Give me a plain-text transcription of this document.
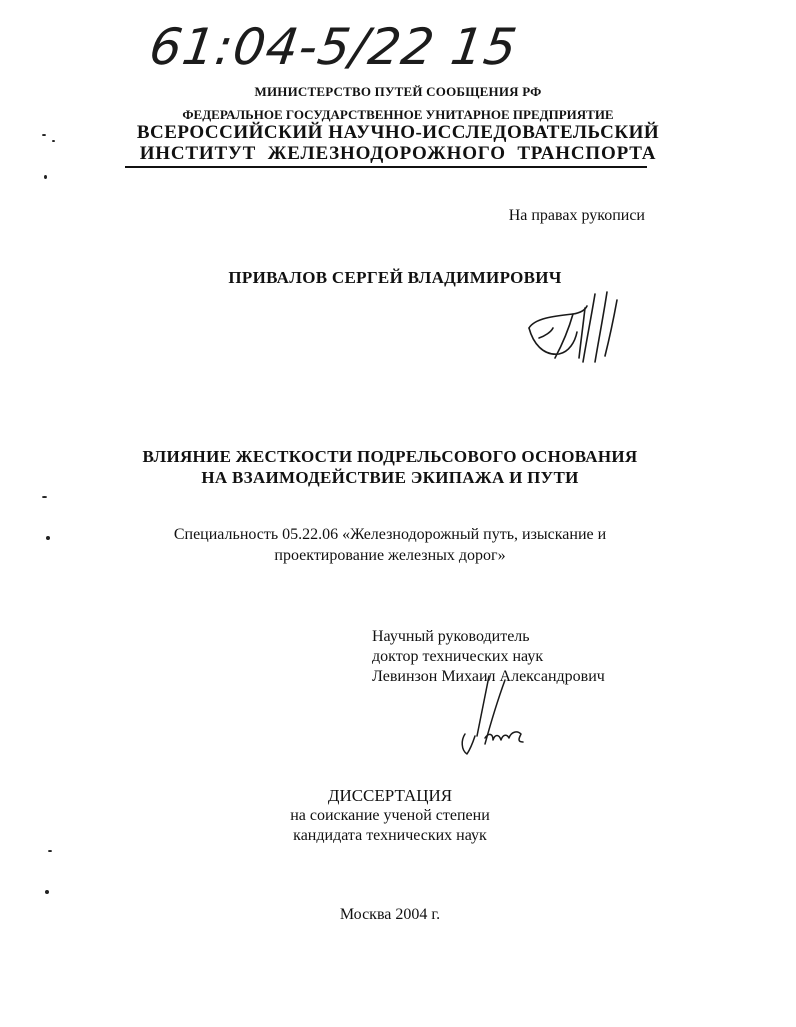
61:04-5/22 15
МИНИСТЕРСТВО ПУТЕЙ СООБЩЕНИЯ РФ
ФЕДЕРАЛЬНОЕ ГОСУДАРСТВЕННОЕ УНИТАРНОЕ ПРЕДПРИЯТИЕ
ВСЕРОССИЙСКИЙ НАУЧНО-ИССЛЕДОВАТЕЛЬСКИЙ
ИНСТИТУТ ЖЕЛЕЗНОДОРОЖНОГО ТРАНСПОРТА
На правах рукописи
ПРИВАЛОВ СЕРГЕЙ ВЛАДИМИРОВИЧ
ВЛИЯНИЕ ЖЕСТКОСТИ ПОДРЕЛЬСОВОГО ОСНОВАНИЯ
НА ВЗАИМОДЕЙСТВИЕ ЭКИПАЖА И ПУТИ
Специальность 05.22.06 «Железнодорожный путь, изыскание и
проектирование железных дорог»
Научный руководитель
доктор технических наук
Левинзон Михаил Александрович
ДИССЕРТАЦИЯ
на соискание ученой степени
кандидата технических наук
Москва 2004 г.
